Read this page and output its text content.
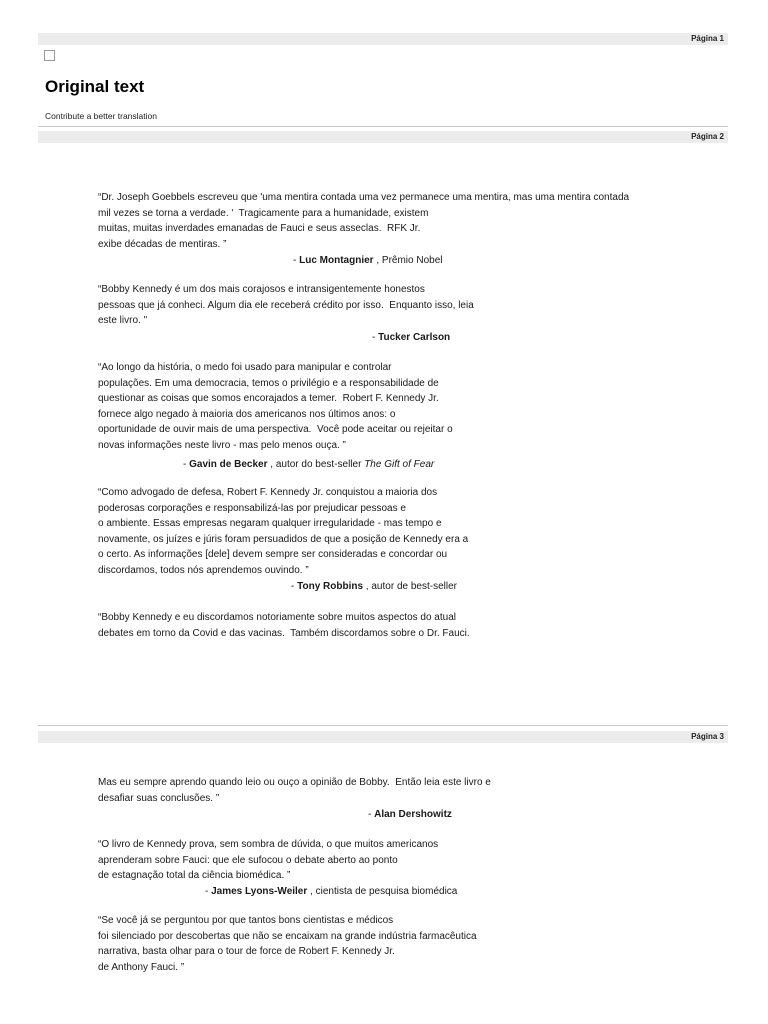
Página 1
Original text
Contribute a better translation
Página 2
“Dr. Joseph Goebbels escreveu que 'uma mentira contada uma vez permanece uma mentira, mas uma mentira contada
mil vezes se torna a verdade. '  Tragicamente para a humanidade, existem
muitas, muitas inverdades emanadas de Fauci e seus asseclas.  RFK Jr.
exibe décadas de mentiras. ”
- Luc Montagnier , Prêmio Nobel
“Bobby Kennedy é um dos mais corajosos e intransigentemente honestos
pessoas que já conheci. Algum dia ele receberá crédito por isso.  Enquanto isso, leia
este livro. "
- Tucker Carlson
“Ao longo da história, o medo foi usado para manipular e controlar
populações. Em uma democracia, temos o privilégio e a responsabilidade de
questionar as coisas que somos encorajados a temer.  Robert F. Kennedy Jr.
fornece algo negado à maioria dos americanos nos últimos anos: o
oportunidade de ouvir mais de uma perspectiva.  Você pode aceitar ou rejeitar o
novas informações neste livro - mas pelo menos ouça. ”
- Gavin de Becker , autor do best-seller The Gift of Fear
“Como advogado de defesa, Robert F. Kennedy Jr. conquistou a maioria dos
poderosas corporações e responsabilizá-las por prejudicar pessoas e
o ambiente. Essas empresas negaram qualquer irregularidade - mas tempo e
novamente, os juízes e júris foram persuadidos de que a posição de Kennedy era a
o certo. As informações [dele] devem sempre ser consideradas e concordar ou
discordamos, todos nós aprendemos ouvindo. ”
- Tony Robbins , autor de best-seller
“Bobby Kennedy e eu discordamos notoriamente sobre muitos aspectos do atual
debates em torno da Covid e das vacinas.  Também discordamos sobre o Dr. Fauci.
Página 3
Mas eu sempre aprendo quando leio ou ouço a opinião de Bobby.  Então leia este livro e
desafiar suas conclusões. ”
- Alan Dershowitz
“O livro de Kennedy prova, sem sombra de dúvida, o que muitos americanos
aprenderam sobre Fauci: que ele sufocou o debate aberto ao ponto
de estagnação total da ciência biomédica. ”
- James Lyons-Weiler , cientista de pesquisa biomédica
“Se você já se perguntou por que tantos bons cientistas e médicos
foi silenciado por descobertas que não se encaixam na grande indústria farmacêutica
narrativa, basta olhar para o tour de force de Robert F. Kennedy Jr.
de Anthony Fauci. ”
